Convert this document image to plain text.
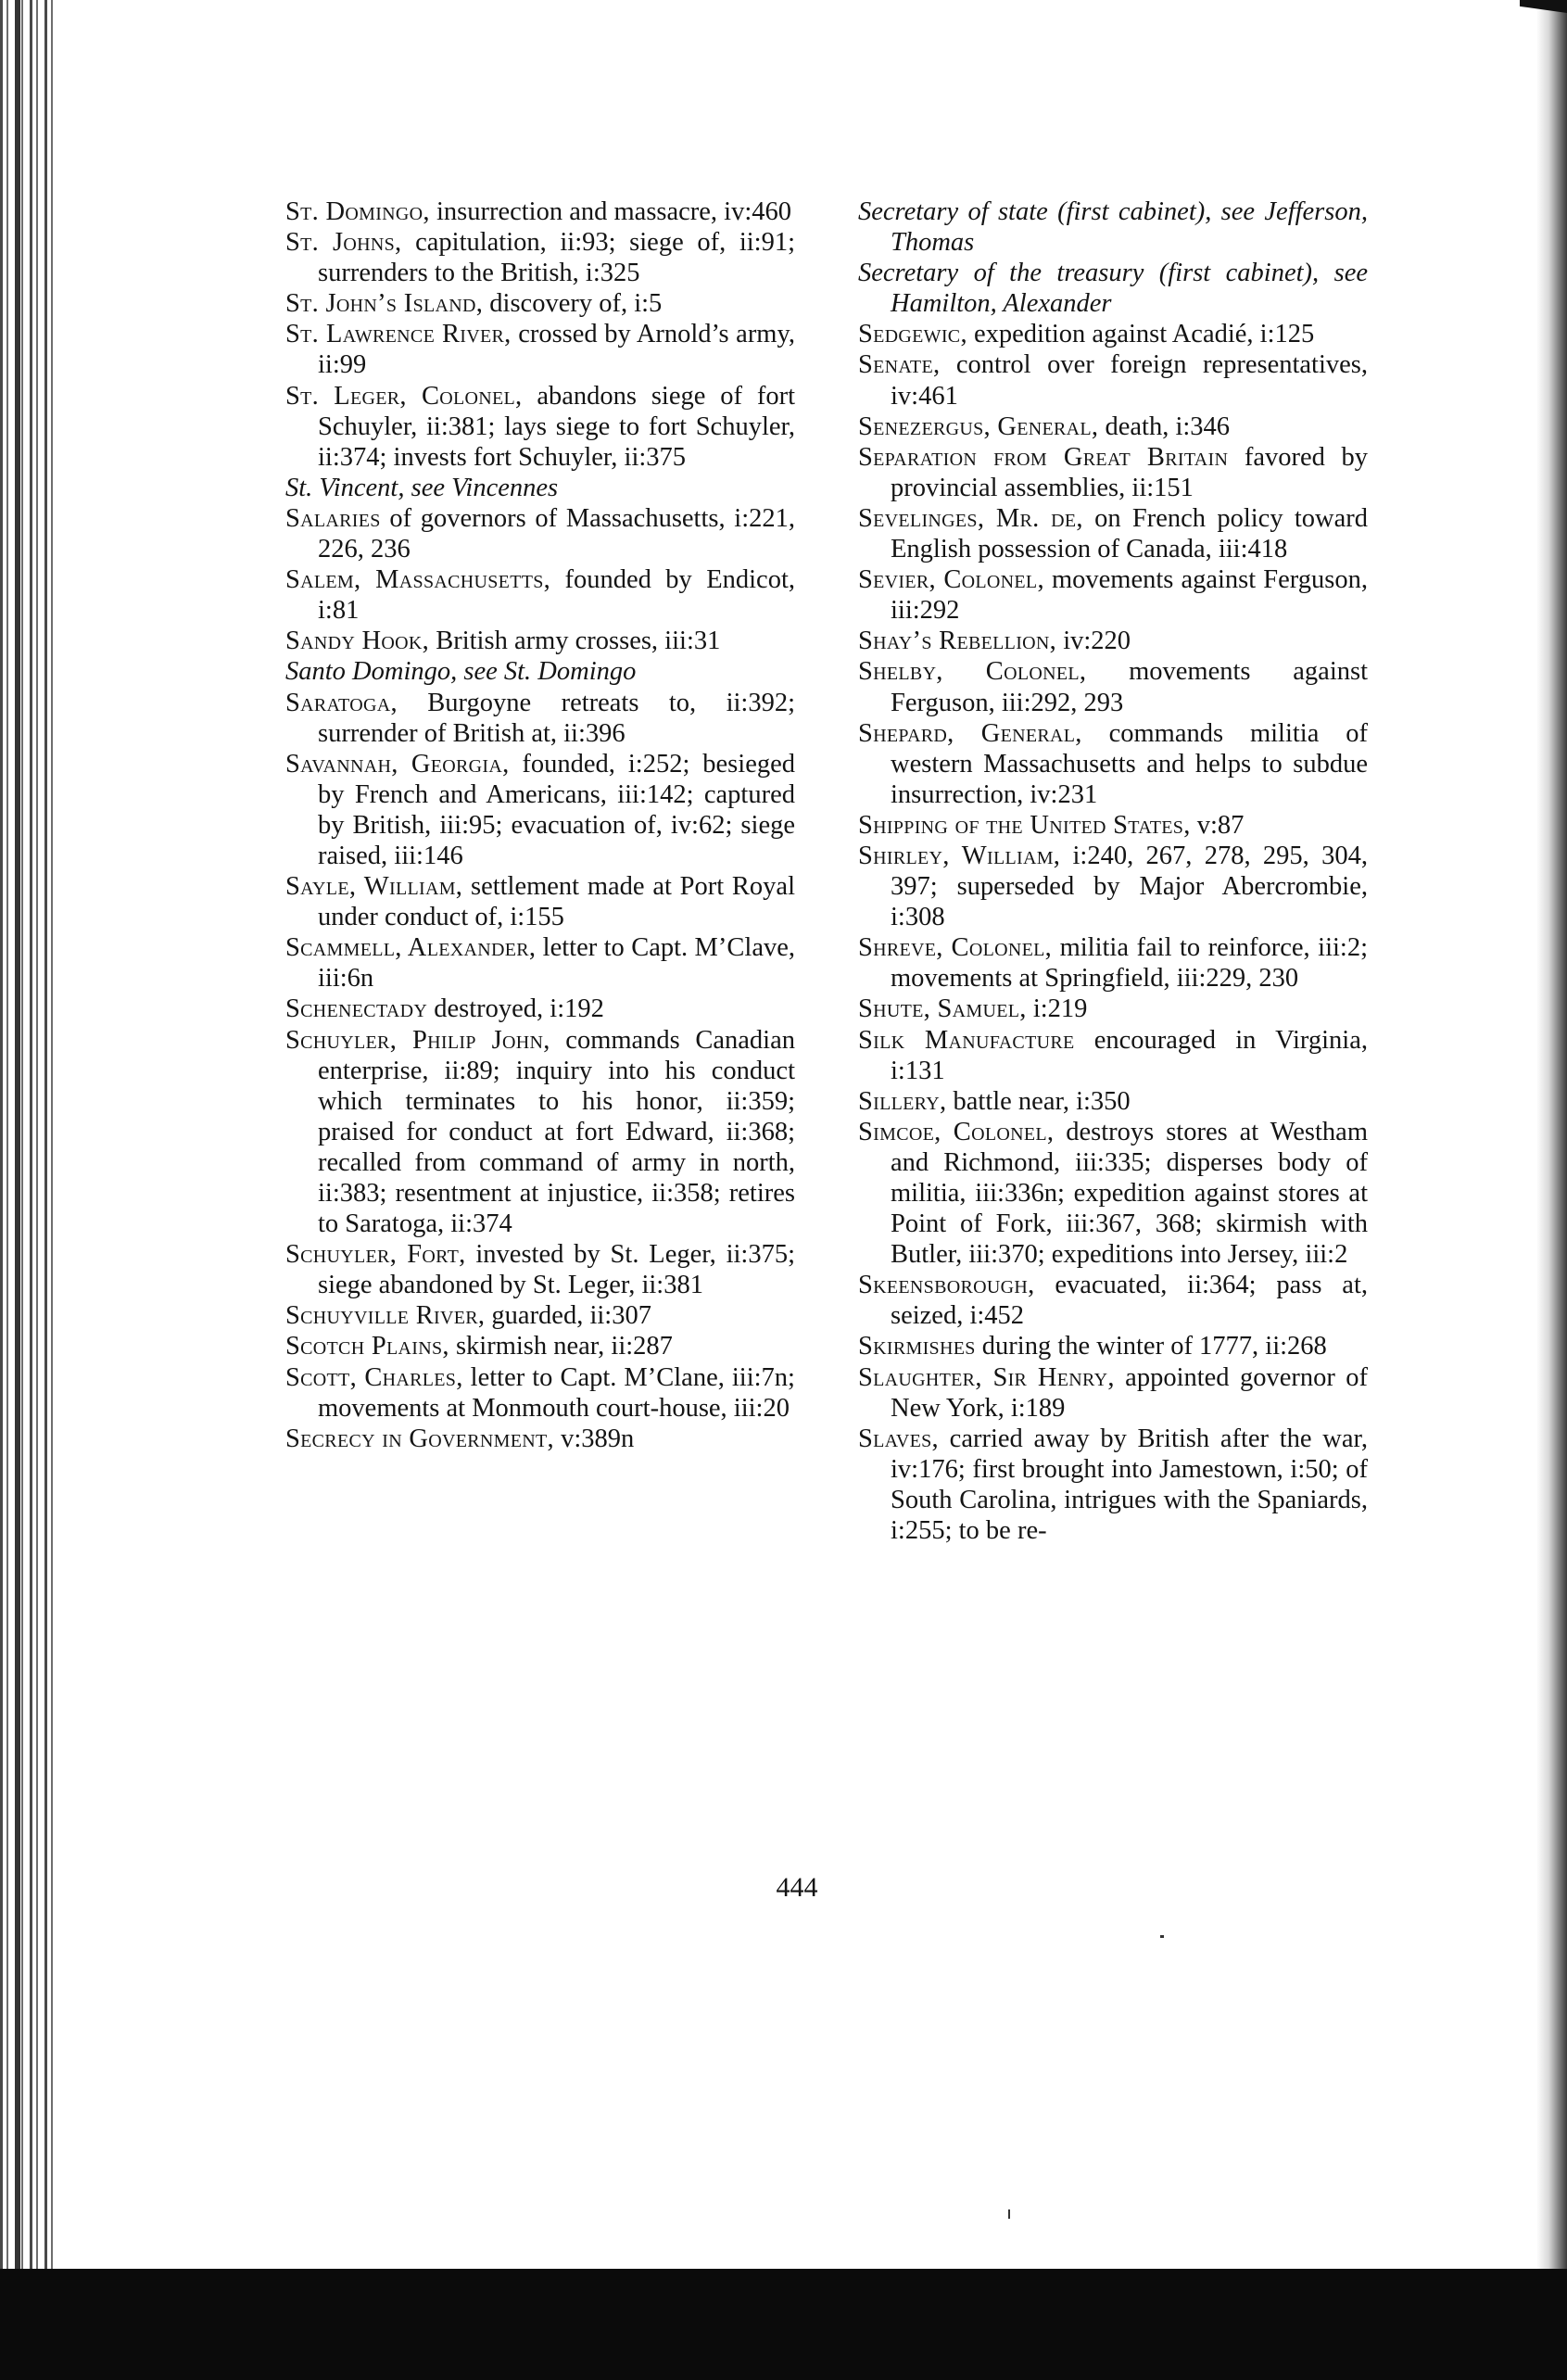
St. Domingo, insurrection and massacre, iv:460

St. Johns, capitulation, ii:93; siege of, ii:91; surrenders to the British, i:325

St. John’s Island, discovery of, i:5

St. Lawrence River, crossed by Arnold’s army, ii:99

St. Leger, Colonel, abandons siege of fort Schuyler, ii:381; lays siege to fort Schuyler, ii:374; invests fort Schuyler, ii:375

St. Vincent, see Vincennes

Salaries of governors of Massachusetts, i:221, 226, 236

Salem, Massachusetts, founded by Endicot, i:81

Sandy Hook, British army crosses, iii:31

Santo Domingo, see St. Domingo

Saratoga, Burgoyne retreats to, ii:392; surrender of British at, ii:396

Savannah, Georgia, founded, i:252; besieged by French and Americans, iii:142; captured by British, iii:95; evacuation of, iv:62; siege raised, iii:146

Sayle, William, settlement made at Port Royal under conduct of, i:155

Scammell, Alexander, letter to Capt. M’Clave, iii:6n

Schenectady destroyed, i:192

Schuyler, Philip John, commands Canadian enterprise, ii:89; inquiry into his conduct which terminates to his honor, ii:359; praised for conduct at fort Edward, ii:368; recalled from command of army in north, ii:383; resentment at injustice, ii:358; retires to Saratoga, ii:374

Schuyler, Fort, invested by St. Leger, ii:375; siege abandoned by St. Leger, ii:381

Schuyville River, guarded, ii:307

Scotch Plains, skirmish near, ii:287

Scott, Charles, letter to Capt. M’Clane, iii:7n; movements at Monmouth court-house, iii:20

Secrecy in Government, v:389n

Secretary of state (first cabinet), see Jefferson, Thomas

Secretary of the treasury (first cabinet), see Hamilton, Alexander

Sedgewic, expedition against Acadié, i:125

Senate, control over foreign representatives, iv:461

Senezergus, General, death, i:346

Separation from Great Britain favored by provincial assemblies, ii:151

Sevelinges, Mr. de, on French policy toward English possession of Canada, iii:418

Sevier, Colonel, movements against Ferguson, iii:292

Shay’s Rebellion, iv:220

Shelby, Colonel, movements against Ferguson, iii:292, 293

Shepard, General, commands militia of western Massachusetts and helps to subdue insurrection, iv:231

Shipping of the United States, v:87

Shirley, William, i:240, 267, 278, 295, 304, 397; superseded by Major Abercrombie, i:308

Shreve, Colonel, militia fail to reinforce, iii:2; movements at Springfield, iii:229, 230

Shute, Samuel, i:219

Silk Manufacture encouraged in Virginia, i:131

Sillery, battle near, i:350

Simcoe, Colonel, destroys stores at Westham and Richmond, iii:335; disperses body of militia, iii:336n; expedition against stores at Point of Fork, iii:367, 368; skirmish with Butler, iii:370; expeditions into Jersey, iii:2

Skeensborough, evacuated, ii:364; pass at, seized, i:452

Skirmishes during the winter of 1777, ii:268

Slaughter, Sir Henry, appointed governor of New York, i:189

Slaves, carried away by British after the war, iv:176; first brought into Jamestown, i:50; of South Carolina, intrigues with the Spaniards, i:255; to be re-

444
